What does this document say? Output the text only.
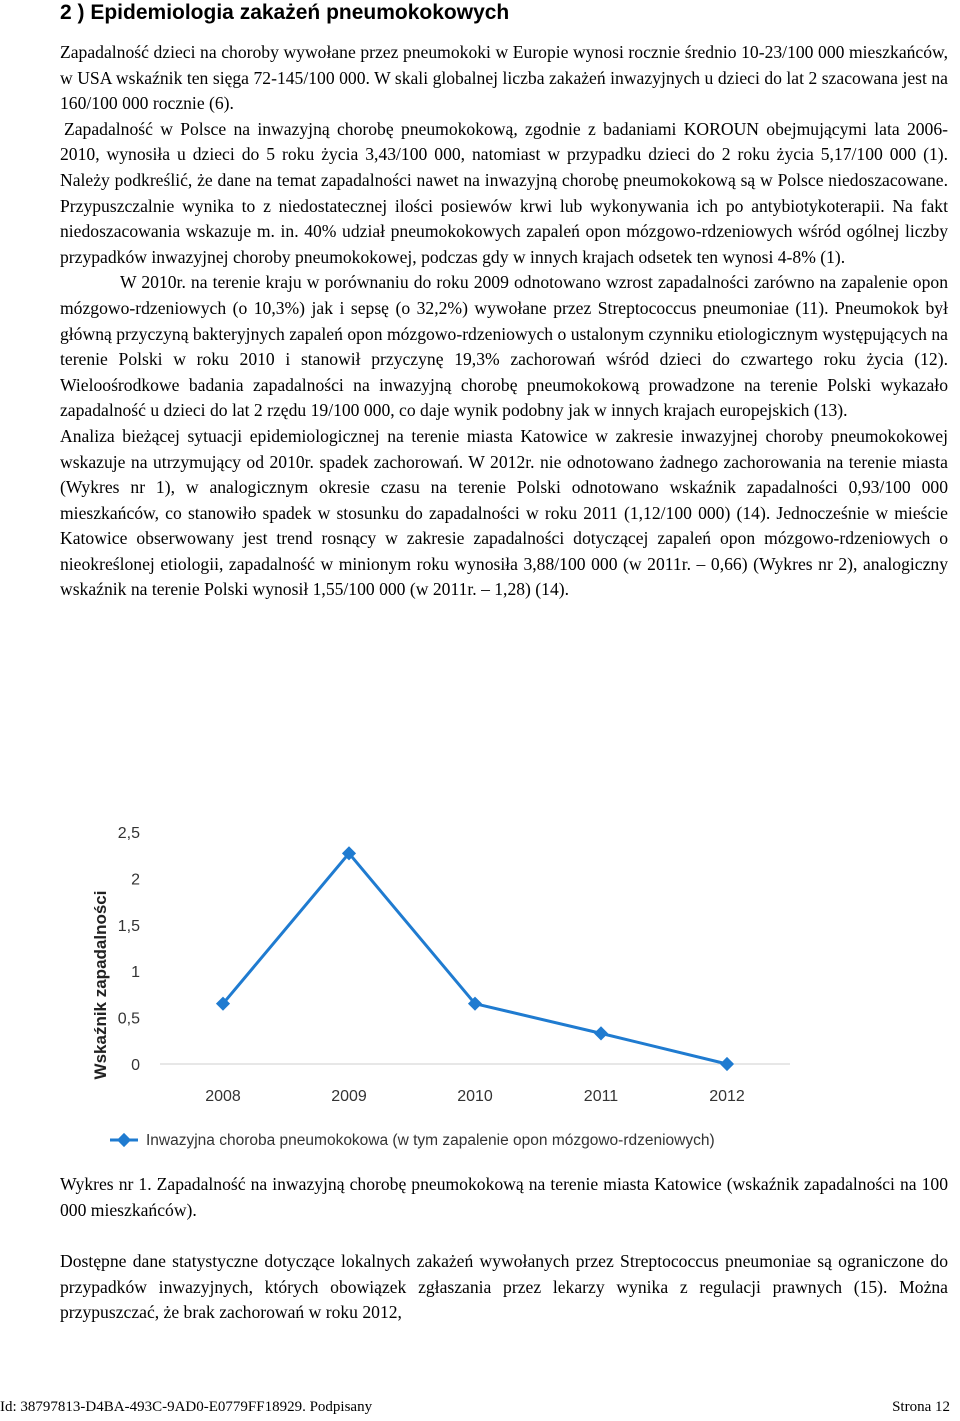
2 ) Epidemiologia zakażeń pneumokokowych

Zapadalność dzieci na choroby wywołane przez pneumokoki w Europie wynosi rocznie średnio 10-23/100 000 mieszkańców, w USA wskaźnik ten sięga 72-145/100 000. W skali globalnej liczba zakażeń inwazyjnych u dzieci do lat 2 szacowana jest na 160/100 000 rocznie (6).

Zapadalność w Polsce na inwazyjną chorobę pneumokokową, zgodnie z badaniami KOROUN obejmującymi lata 2006-2010, wynosiła u dzieci do 5 roku życia 3,43/100 000, natomiast w przypadku dzieci do 2 roku życia 5,17/100 000 (1). Należy podkreślić, że dane na temat zapadalności nawet na inwazyjną chorobę pneumokokową są w Polsce niedoszacowane. Przypuszczalnie wynika to z niedostatecznej ilości posiewów krwi lub wykonywania ich po antybiotykoterapii. Na fakt niedoszacowania wskazuje m. in. 40% udział pneumokokowych zapaleń opon mózgowo-rdzeniowych wśród ogólnej liczby przypadków inwazyjnej choroby pneumokokowej, podczas gdy w innych krajach odsetek ten wynosi 4-8% (1).

W 2010r. na terenie kraju w porównaniu do roku 2009 odnotowano wzrost zapadalności zarówno na zapalenie opon mózgowo-rdzeniowych (o 10,3%) jak i sepsę (o 32,2%) wywołane przez Streptococcus pneumoniae (11). Pneumokok był główną przyczyną bakteryjnych zapaleń opon mózgowo-rdzeniowych o ustalonym czynniku etiologicznym występujących na terenie Polski w roku 2010 i stanowił przyczynę 19,3% zachorowań wśród dzieci do czwartego roku życia (12). Wieloośrodkowe badania zapadalności na inwazyjną chorobę pneumokokową prowadzone na terenie Polski wykazało zapadalność u dzieci do lat 2 rzędu 19/100 000, co daje wynik podobny jak w innych krajach europejskich (13).

Analiza bieżącej sytuacji epidemiologicznej na terenie miasta Katowice w zakresie inwazyjnej choroby pneumokokowej wskazuje na utrzymujący od 2010r. spadek zachorowań. W 2012r. nie odnotowano żadnego zachorowania na terenie miasta (Wykres nr 1), w analogicznym okresie czasu na terenie Polski odnotowano wskaźnik zapadalności 0,93/100 000 mieszkańców, co stanowiło spadek w stosunku do zapadalności w roku 2011 (1,12/100 000) (14). Jednocześnie w mieście Katowice obserwowany jest trend rosnący w zakresie zapadalności dotyczącej zapaleń opon mózgowo-rdzeniowych o nieokreślonej etiologii, zapadalność w minionym roku wynosiła 3,88/100 000 (w 2011r. – 0,66) (Wykres nr 2), analogiczny wskaźnik na terenie Polski wynosił 1,55/100 000 (w 2011r. – 1,28) (14).

Wskaźnik zapadalności 0
0,5
1
1,5
2
2,5
2008	2009	2010	2011	2012
Inwazyjna choroba pneumokokowa (w tym zapalenie opon mózgowo-rdzeniowych)

Wykres nr 1. Zapadalność na inwazyjną chorobę pneumokokową na terenie miasta Katowice (wskaźnik zapadalności na 100 000 mieszkańców).

Dostępne dane statystyczne dotyczące lokalnych zakażeń wywołanych przez Streptococcus pneumoniae są ograniczone do przypadków inwazyjnych, których obowiązek zgłaszania przez lekarzy wynika z regulacji prawnych (15). Można przypuszczać, że brak zachorowań w roku 2012,

Id: 38797813-D4BA-493C-9AD0-E0779FF18929. Podpisany	Strona 12
